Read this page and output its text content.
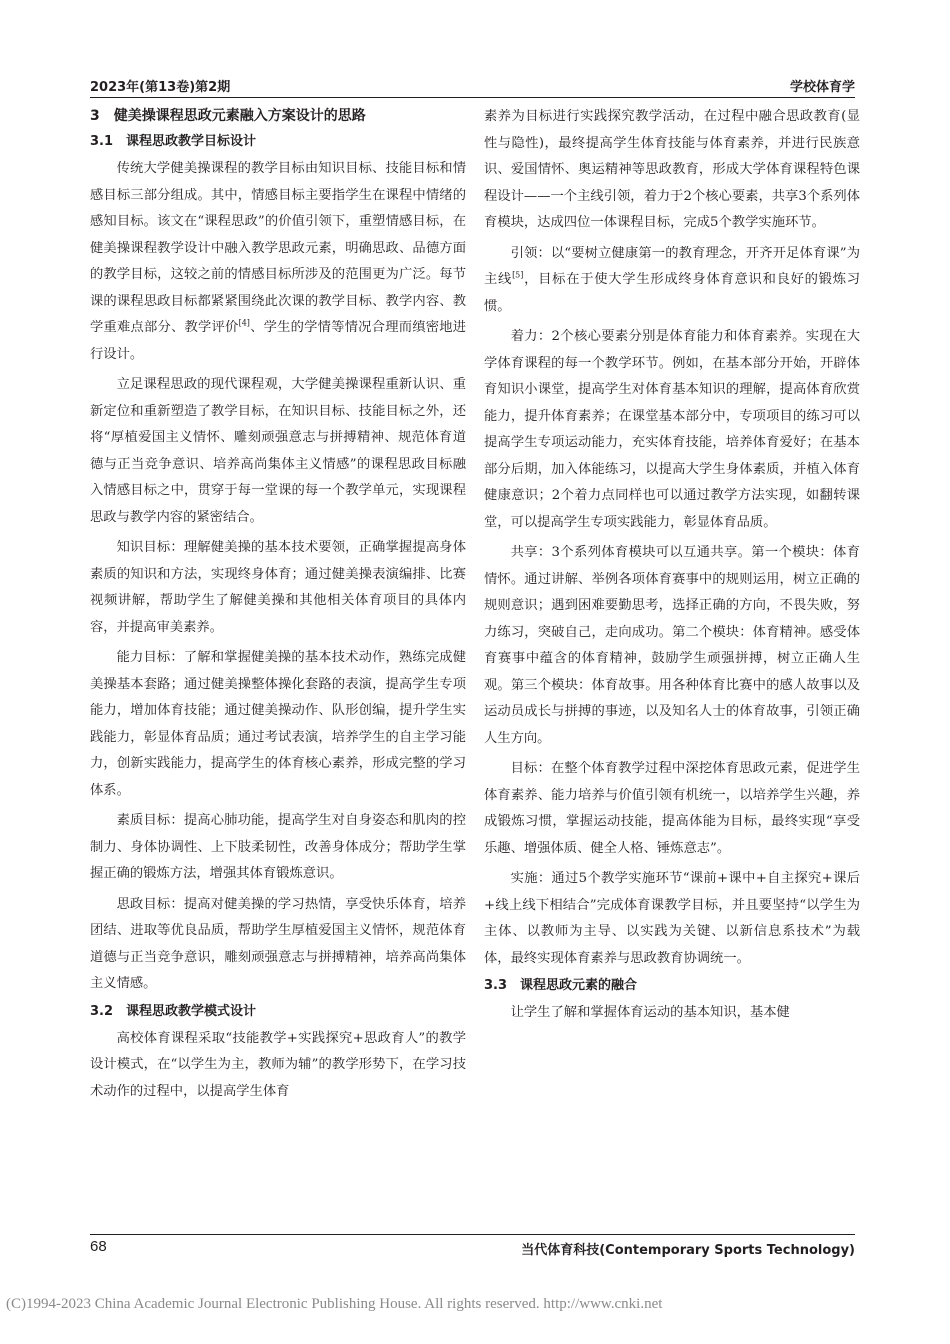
2023年(第13卷)第2期	学校体育学
3　健美操课程思政元素融入方案设计的思路
3.1　课程思政教学目标设计

传统大学健美操课程的教学目标由知识目标、技能目标和情感目标三部分组成。其中，情感目标主要指学生在课程中情绪的感知目标。该文在“课程思政”的价值引领下，重塑情感目标，在健美操课程教学设计中融入教学思政元素，明确思政、品德方面的教学目标，这较之前的情感目标所涉及的范围更为广泛。每节课的课程思政目标都紧紧围绕此次课的教学目标、教学内容、教学重难点部分、教学评价[4]、学生的学情等情况合理而缜密地进行设计。

立足课程思政的现代课程观，大学健美操课程重新认识、重新定位和重新塑造了教学目标，在知识目标、技能目标之外，还将“厚植爱国主义情怀、雕刻顽强意志与拼搏精神、规范体育道德与正当竞争意识、培养高尚集体主义情感”的课程思政目标融入情感目标之中，贯穿于每一堂课的每一个教学单元，实现课程思政与教学内容的紧密结合。

知识目标：理解健美操的基本技术要领，正确掌握提高身体素质的知识和方法，实现终身体育；通过健美操表演编排、比赛视频讲解，帮助学生了解健美操和其他相关体育项目的具体内容，并提高审美素养。

能力目标：了解和掌握健美操的基本技术动作，熟练完成健美操基本套路；通过健美操整体操化套路的表演，提高学生专项能力，增加体育技能；通过健美操动作、队形创编，提升学生实践能力，彰显体育品质；通过考试表演，培养学生的自主学习能力，创新实践能力，提高学生的体育核心素养，形成完整的学习体系。

素质目标：提高心肺功能，提高学生对自身姿态和肌肉的控制力、身体协调性、上下肢柔韧性，改善身体成分；帮助学生掌握正确的锻炼方法，增强其体育锻炼意识。

思政目标：提高对健美操的学习热情，享受快乐体育，培养团结、进取等优良品质，帮助学生厚植爱国主义情怀，规范体育道德与正当竞争意识，雕刻顽强意志与拼搏精神，培养高尚集体主义情感。

3.2　课程思政教学模式设计

高校体育课程采取“技能教学+实践探究+思政育人”的教学设计模式，在“以学生为主，教师为辅”的教学形势下，在学习技术动作的过程中，以提高学生体育

素养为目标进行实践探究教学活动，在过程中融合思政教育(显性与隐性)，最终提高学生体育技能与体育素养，并进行民族意识、爱国情怀、奥运精神等思政教育，形成大学体育课程特色课程设计——一个主线引领，着力于2个核心要素，共享3个系列体育模块，达成四位一体课程目标，完成5个教学实施环节。

引领：以“要树立健康第一的教育理念，开齐开足体育课”为主线[5]，目标在于使大学生形成终身体育意识和良好的锻炼习惯。

着力：2个核心要素分别是体育能力和体育素养。实现在大学体育课程的每一个教学环节。例如，在基本部分开始，开辟体育知识小课堂，提高学生对体育基本知识的理解，提高体育欣赏能力，提升体育素养；在课堂基本部分中，专项项目的练习可以提高学生专项运动能力，充实体育技能，培养体育爱好；在基本部分后期，加入体能练习，以提高大学生身体素质，并植入体育健康意识；2个着力点同样也可以通过教学方法实现，如翻转课堂，可以提高学生专项实践能力，彰显体育品质。

共享：3个系列体育模块可以互通共享。第一个模块：体育情怀。通过讲解、举例各项体育赛事中的规则运用，树立正确的规则意识；遇到困难要勤思考，选择正确的方向，不畏失败，努力练习，突破自己，走向成功。第二个模块：体育精神。感受体育赛事中蕴含的体育精神，鼓励学生顽强拼搏，树立正确人生观。第三个模块：体育故事。用各种体育比赛中的感人故事以及运动员成长与拼搏的事迹，以及知名人士的体育故事，引领正确人生方向。

目标：在整个体育教学过程中深挖体育思政元素，促进学生体育素养、能力培养与价值引领有机统一，以培养学生兴趣，养成锻炼习惯，掌握运动技能，提高体能为目标，最终实现“享受乐趣、增强体质、健全人格、锤炼意志”。

实施：通过5个教学实施环节“课前+课中+自主探究+课后+线上线下相结合”完成体育课教学目标，并且要坚持“以学生为主体、以教师为主导、以实践为关键、以新信息系技术”为载体，最终实现体育素养与思政教育协调统一。

3.3　课程思政元素的融合

让学生了解和掌握体育运动的基本知识，基本健

68	当代体育科技(Contemporary Sports Technology)
(C)1994-2023 China Academic Journal Electronic Publishing House. All rights reserved. http://www.cnki.net
